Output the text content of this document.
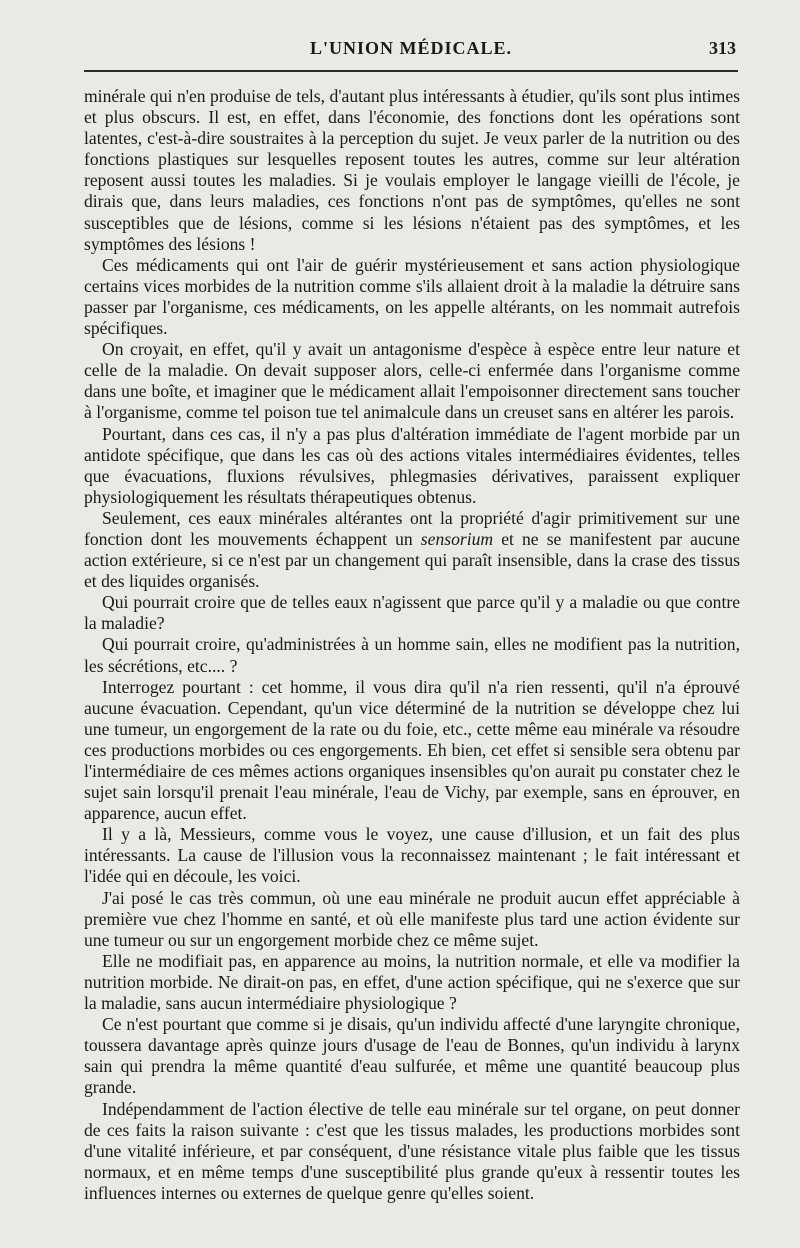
L'UNION MÉDICALE.	313

minérale qui n'en produise de tels, d'autant plus intéressants à étudier, qu'ils sont plus intimes et plus obscurs. Il est, en effet, dans l'économie, des fonctions dont les opérations sont latentes, c'est-à-dire soustraites à la perception du sujet. Je veux parler de la nutrition ou des fonctions plastiques sur lesquelles reposent toutes les autres, comme sur leur altération reposent aussi toutes les maladies. Si je voulais employer le langage vieilli de l'école, je dirais que, dans leurs maladies, ces fonctions n'ont pas de symptômes, qu'elles ne sont susceptibles que de lésions, comme si les lésions n'étaient pas des symptômes, et les symptômes des lésions !

Ces médicaments qui ont l'air de guérir mystérieusement et sans action physiologique certains vices morbides de la nutrition comme s'ils allaient droit à la maladie la détruire sans passer par l'organisme, ces médicaments, on les appelle altérants, on les nommait autrefois spécifiques.

On croyait, en effet, qu'il y avait un antagonisme d'espèce à espèce entre leur nature et celle de la maladie. On devait supposer alors, celle-ci enfermée dans l'organisme comme dans une boîte, et imaginer que le médicament allait l'empoisonner directement sans toucher à l'organisme, comme tel poison tue tel animalcule dans un creuset sans en altérer les parois.

Pourtant, dans ces cas, il n'y a pas plus d'altération immédiate de l'agent morbide par un antidote spécifique, que dans les cas où des actions vitales intermédiaires évidentes, telles que évacuations, fluxions révulsives, phlegmasies dérivatives, paraissent expliquer physiologiquement les résultats thérapeutiques obtenus.

Seulement, ces eaux minérales altérantes ont la propriété d'agir primitivement sur une fonction dont les mouvements échappent un sensorium et ne se manifestent par aucune action extérieure, si ce n'est par un changement qui paraît insensible, dans la crase des tissus et des liquides organisés.

Qui pourrait croire que de telles eaux n'agissent que parce qu'il y a maladie ou que contre la maladie?

Qui pourrait croire, qu'administrées à un homme sain, elles ne modifient pas la nutrition, les sécrétions, etc.... ?

Interrogez pourtant : cet homme, il vous dira qu'il n'a rien ressenti, qu'il n'a éprouvé aucune évacuation. Cependant, qu'un vice déterminé de la nutrition se développe chez lui une tumeur, un engorgement de la rate ou du foie, etc., cette même eau minérale va résoudre ces productions morbides ou ces engorgements. Eh bien, cet effet si sensible sera obtenu par l'intermédiaire de ces mêmes actions organiques insensibles qu'on aurait pu constater chez le sujet sain lorsqu'il prenait l'eau minérale, l'eau de Vichy, par exemple, sans en éprouver, en apparence, aucun effet.

Il y a là, Messieurs, comme vous le voyez, une cause d'illusion, et un fait des plus intéressants. La cause de l'illusion vous la reconnaissez maintenant ; le fait intéressant et l'idée qui en découle, les voici.

J'ai posé le cas très commun, où une eau minérale ne produit aucun effet appréciable à première vue chez l'homme en santé, et où elle manifeste plus tard une action évidente sur une tumeur ou sur un engorgement morbide chez ce même sujet.

Elle ne modifiait pas, en apparence au moins, la nutrition normale, et elle va modifier la nutrition morbide. Ne dirait-on pas, en effet, d'une action spécifique, qui ne s'exerce que sur la maladie, sans aucun intermédiaire physiologique ?

Ce n'est pourtant que comme si je disais, qu'un individu affecté d'une laryngite chronique, toussera davantage après quinze jours d'usage de l'eau de Bonnes, qu'un individu à larynx sain qui prendra la même quantité d'eau sulfurée, et même une quantité beaucoup plus grande.

Indépendamment de l'action élective de telle eau minérale sur tel organe, on peut donner de ces faits la raison suivante : c'est que les tissus malades, les productions morbides sont d'une vitalité inférieure, et par conséquent, d'une résistance vitale plus faible que les tissus normaux, et en même temps d'une susceptibilité plus grande qu'eux à ressentir toutes les influences internes ou externes de quelque genre qu'elles soient.
